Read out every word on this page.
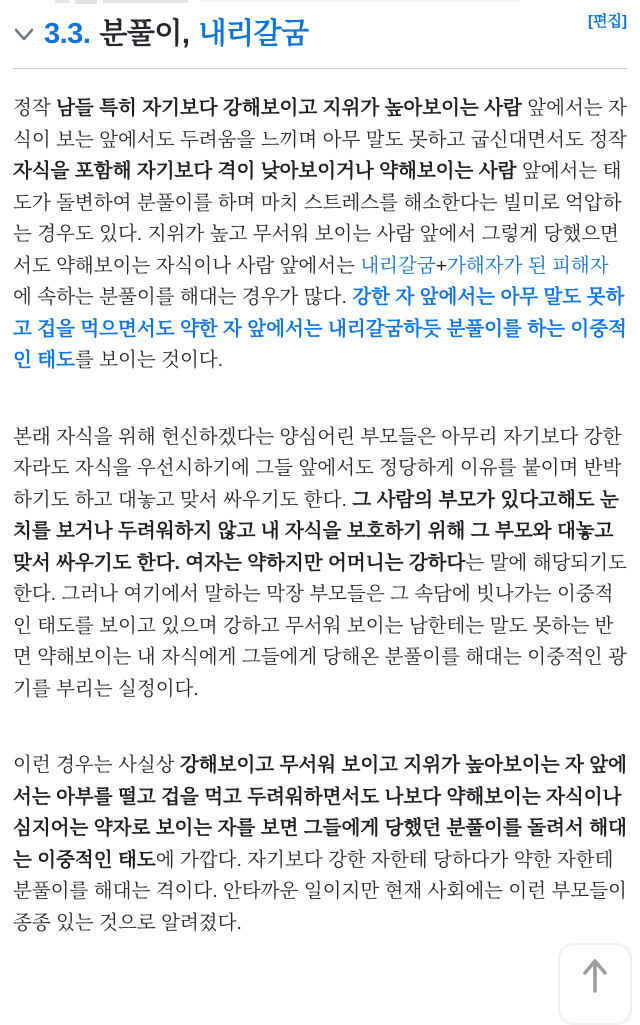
3.3. 분풀이, 내리갈굼	[편집]

정작 남들 특히 자기보다 강해보이고 지위가 높아보이는 사람 앞에서는 자식이 보는 앞에서도 두려움을 느끼며 아무 말도 못하고 굽신대면서도 정작 자식을 포함해 자기보다 격이 낮아보이거나 약해보이는 사람 앞에서는 태도가 돌변하여 분풀이를 하며 마치 스트레스를 해소한다는 빌미로 억압하는 경우도 있다. 지위가 높고 무서워 보이는 사람 앞에서 그렇게 당했으면서도 약해보이는 자식이나 사람 앞에서는 내리갈굼+가해자가 된 피해자에 속하는 분풀이를 해대는 경우가 많다. 강한 자 앞에서는 아무 말도 못하고 겁을 먹으면서도 약한 자 앞에서는 내리갈굼하듯 분풀이를 하는 이중적인 태도를 보이는 것이다.

본래 자식을 위해 헌신하겠다는 양심어린 부모들은 아무리 자기보다 강한 자라도 자식을 우선시하기에 그들 앞에서도 정당하게 이유를 붙이며 반박하기도 하고 대놓고 맞서 싸우기도 한다. 그 사람의 부모가 있다고해도 눈치를 보거나 두려워하지 않고 내 자식을 보호하기 위해 그 부모와 대놓고 맞서 싸우기도 한다. 여자는 약하지만 어머니는 강하다는 말에 해당되기도 한다. 그러나 여기에서 말하는 막장 부모들은 그 속담에 빗나가는 이중적인 태도를 보이고 있으며 강하고 무서워 보이는 남한테는 말도 못하는 반면 약해보이는 내 자식에게 그들에게 당해온 분풀이를 해대는 이중적인 광기를 부리는 실정이다.

이런 경우는 사실상 강해보이고 무서워 보이고 지위가 높아보이는 자 앞에서는 아부를 떨고 겁을 먹고 두려워하면서도 나보다 약해보이는 자식이나 심지어는 약자로 보이는 자를 보면 그들에게 당했던 분풀이를 돌려서 해대는 이중적인 태도에 가깝다. 자기보다 강한 자한테 당하다가 약한 자한테 분풀이를 해대는 격이다. 안타까운 일이지만 현재 사회에는 이런 부모들이 종종 있는 것으로 알려졌다.
